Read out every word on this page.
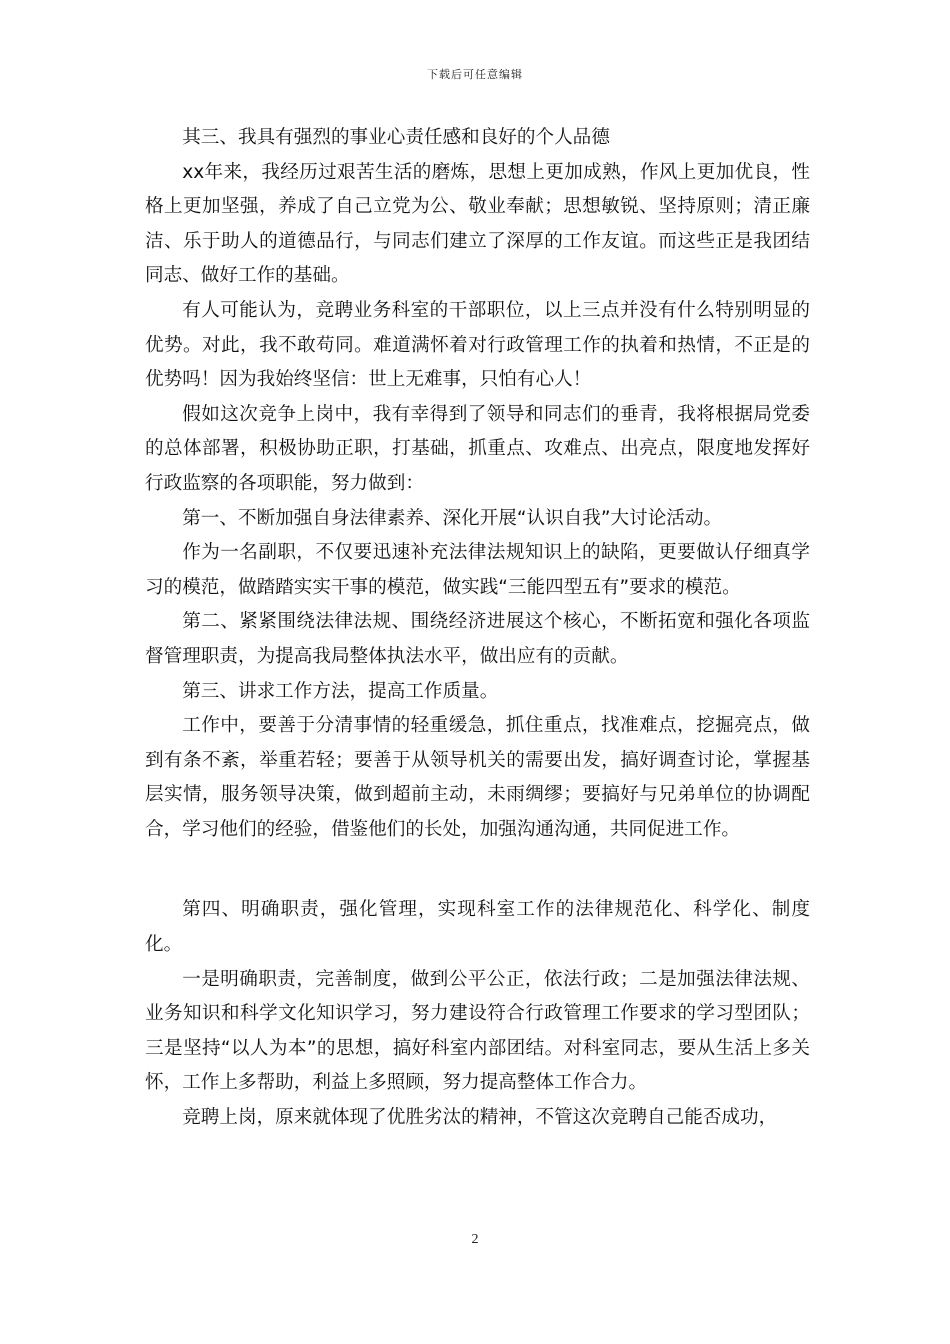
下载后可任意编辑

其三、我具有强烈的事业心责任感和良好的个人品德

xx年来，我经历过艰苦生活的磨炼，思想上更加成熟，作风上更加优良，性格上更加坚强，养成了自己立党为公、敬业奉献；思想敏锐、坚持原则；清正廉洁、乐于助人的道德品行，与同志们建立了深厚的工作友谊。而这些正是我团结同志、做好工作的基础。

有人可能认为，竞聘业务科室的干部职位，以上三点并没有什么特别明显的优势。对此，我不敢苟同。难道满怀着对行政管理工作的执着和热情，不正是的优势吗！因为我始终坚信：世上无难事，只怕有心人！

假如这次竞争上岗中，我有幸得到了领导和同志们的垂青，我将根据局党委的总体部署，积极协助正职，打基础，抓重点、攻难点、出亮点，限度地发挥好行政监察的各项职能，努力做到：

第一、不断加强自身法律素养、深化开展“认识自我”大讨论活动。

作为一名副职，不仅要迅速补充法律法规知识上的缺陷，更要做认仔细真学习的模范，做踏踏实实干事的模范，做实践“三能四型五有”要求的模范。

第二、紧紧围绕法律法规、围绕经济进展这个核心，不断拓宽和强化各项监督管理职责，为提高我局整体执法水平，做出应有的贡献。

第三、讲求工作方法，提高工作质量。

工作中，要善于分清事情的轻重缓急，抓住重点，找准难点，挖掘亮点，做到有条不紊，举重若轻；要善于从领导机关的需要出发，搞好调查讨论，掌握基层实情，服务领导决策，做到超前主动，未雨绸缪；要搞好与兄弟单位的协调配合，学习他们的经验，借鉴他们的长处，加强沟通沟通，共同促进工作。

第四、明确职责，强化管理，实现科室工作的法律规范化、科学化、制度化。

一是明确职责，完善制度，做到公平公正，依法行政；二是加强法律法规、业务知识和科学文化知识学习，努力建设符合行政管理工作要求的学习型团队；三是坚持“以人为本”的思想，搞好科室内部团结。对科室同志，要从生活上多关怀，工作上多帮助，利益上多照顾，努力提高整体工作合力。

竞聘上岗，原来就体现了优胜劣汰的精神，不管这次竞聘自己能否成功，

2
